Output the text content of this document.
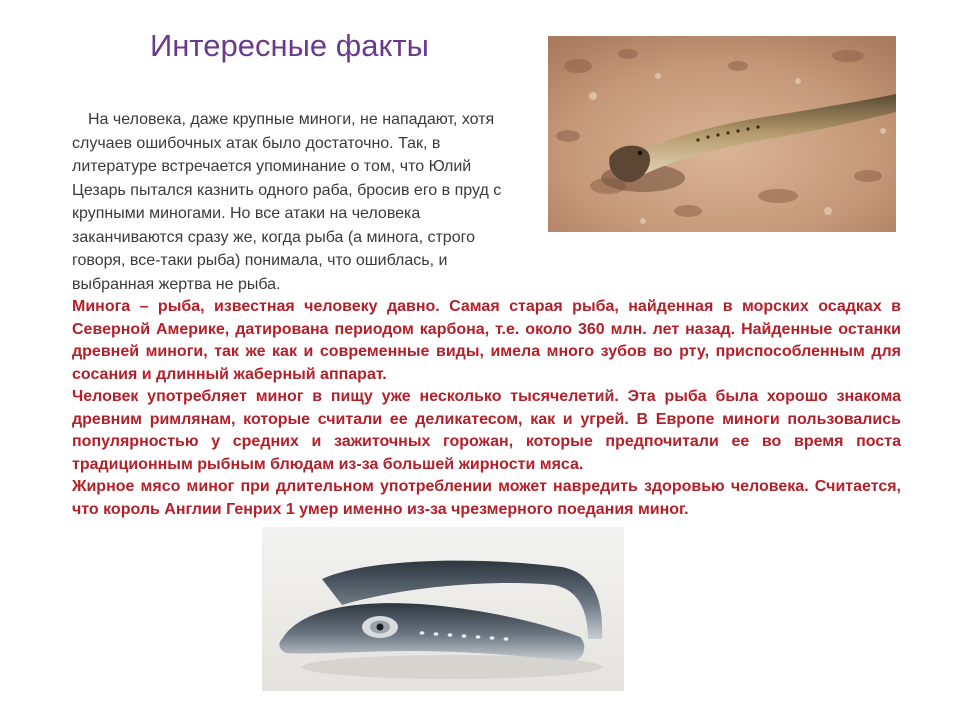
Интересные факты

На человека, даже крупные миноги, не нападают, хотя случаев ошибочных атак было достаточно. Так, в литературе встречается упоминание о том, что Юлий Цезарь пытался казнить одного раба, бросив его в пруд с крупными миногами. Но все атаки на человека заканчиваются сразу же, когда рыба (а минога, строго говоря, все-таки рыба) понимала, что ошиблась, и выбранная жертва не рыба.

Минога – рыба, известная человеку давно. Самая старая рыба, найденная в морских осадках в Северной Америке, датирована периодом карбона, т.е. около 360 млн. лет назад. Найденные останки древней миноги, так же как и современные виды, имела много зубов во рту, приспособленным для сосания и длинный жаберный аппарат.

Человек употребляет миног в пищу уже несколько тысячелетий. Эта рыба была хорошо знакома древним римлянам, которые считали ее деликатесом, как и угрей. В Европе миноги пользовались популярностью у средних и зажиточных горожан, которые предпочитали ее во время поста традиционным рыбным блюдам из-за большей жирности мяса.

Жирное мясо миног при длительном употреблении может навредить здоровью человека. Считается, что король Англии Генрих 1 умер именно из-за чрезмерного поедания миног.
